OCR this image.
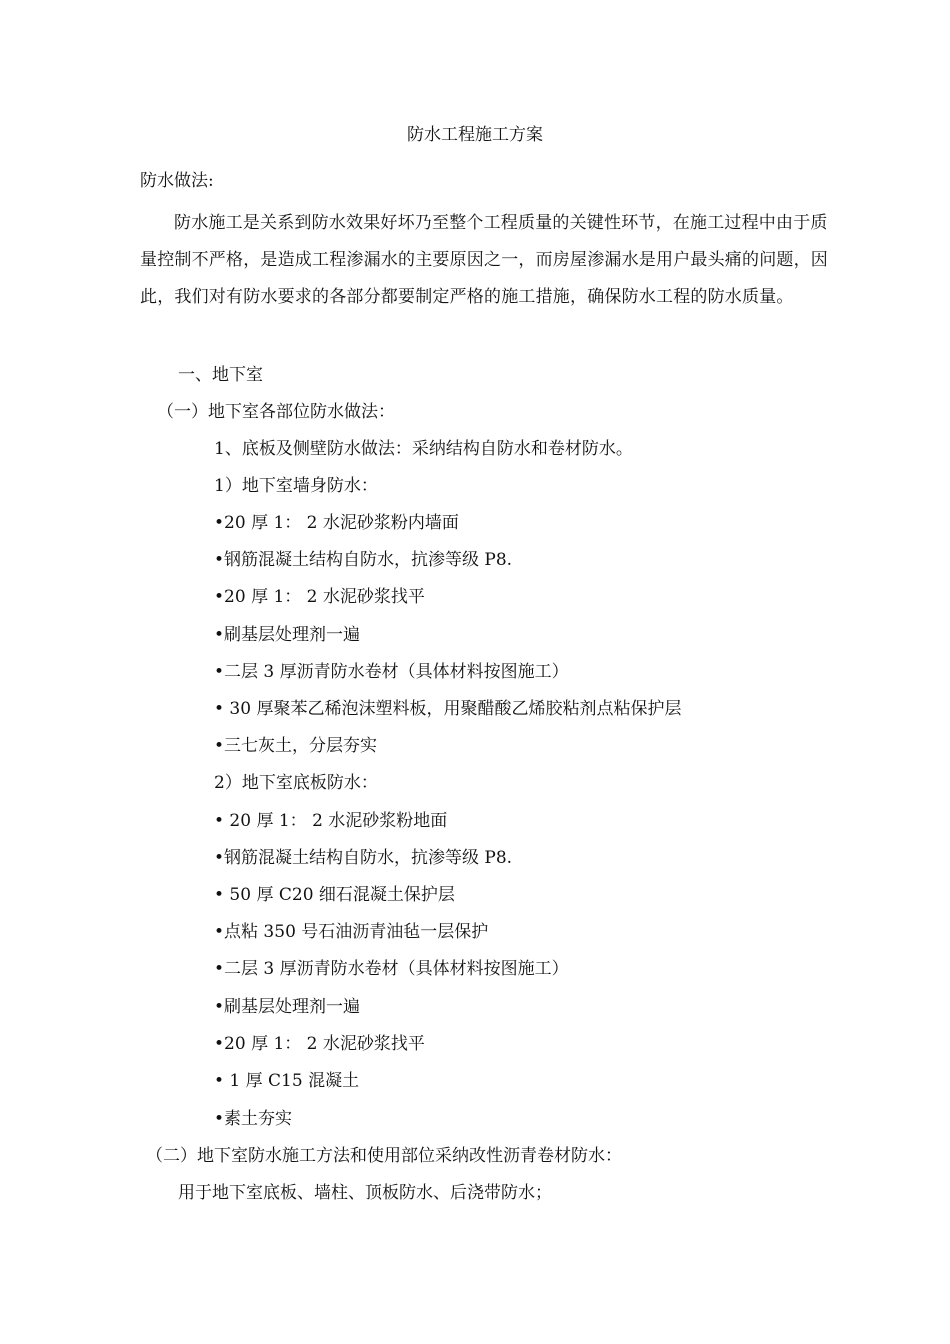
防水工程施工方案
防水做法:
防水施工是关系到防水效果好坏乃至整个工程质量的关键性环节，在施工过程中由于质量控制不严格，是造成工程渗漏水的主要原因之一，而房屋渗漏水是用户最头痛的问题，因此，我们对有防水要求的各部分都要制定严格的施工措施，确保防水工程的防水质量。
一、地下室
（一）地下室各部位防水做法：
1、底板及侧壁防水做法：采纳结构自防水和卷材防水。
1）地下室墙身防水：
•20 厚 1： 2 水泥砂浆粉内墙面
•钢筋混凝土结构自防水，抗渗等级 P8.
•20 厚 1： 2 水泥砂浆找平
•刷基层处理剂一遍
•二层 3 厚沥青防水卷材（具体材料按图施工）
• 30 厚聚苯乙稀泡沫塑料板，用聚醋酸乙烯胶粘剂点粘保护层
•三七灰土，分层夯实
2）地下室底板防水：
• 20 厚 1： 2 水泥砂浆粉地面
•钢筋混凝土结构自防水，抗渗等级 P8.
• 50 厚 C20 细石混凝土保护层
•点粘 350 号石油沥青油毡一层保护
•二层 3 厚沥青防水卷材（具体材料按图施工）
•刷基层处理剂一遍
•20 厚 1： 2 水泥砂浆找平
• 1 厚 C15 混凝土
•素土夯实
（二）地下室防水施工方法和使用部位采纳改性沥青卷材防水：
用于地下室底板、墙柱、顶板防水、后浇带防水；
